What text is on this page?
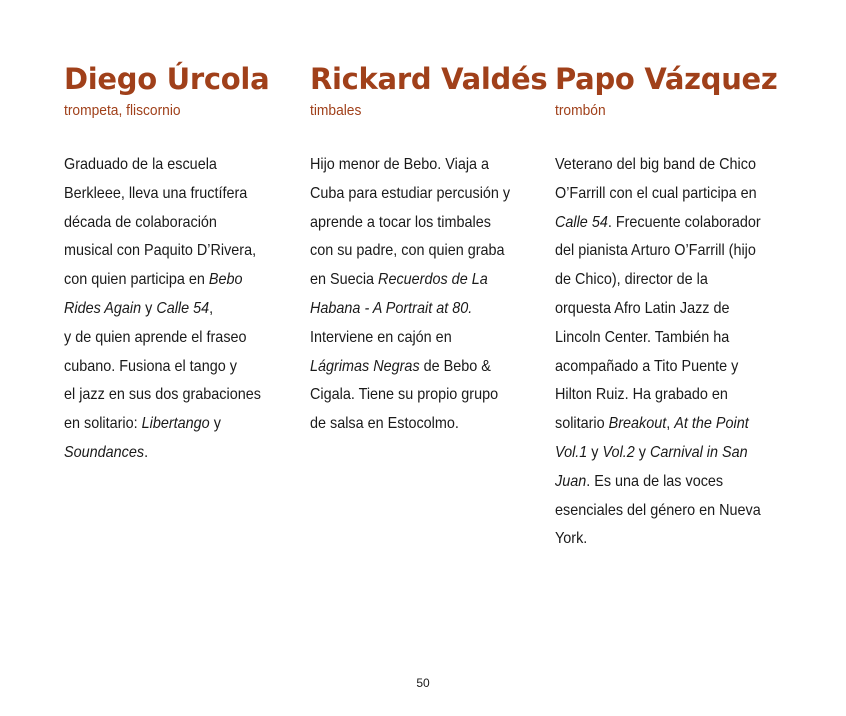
Diego Úrcola

trompeta, fliscornio

Graduado de la escuela
Berkleee, lleva una fructífera
década de colaboración
musical con Paquito D’Rivera,
con quien participa en Bebo
Rides Again y Calle 54,
y de quien aprende el fraseo
cubano. Fusiona el tango y
el jazz en sus dos grabaciones
en solitario: Libertango y
Soundances.
Rickard Valdés

timbales

Hijo menor de Bebo. Viaja a
Cuba para estudiar percusión y
aprende a tocar los timbales
con su padre, con quien graba
en Suecia Recuerdos de La
Habana - A Portrait at 80.
Interviene en cajón en
Lágrimas Negras de Bebo &
Cigala. Tiene su propio grupo
de salsa en Estocolmo.
Papo Vázquez

trombón

Veterano del big band de Chico
O’Farrill con el cual participa en
Calle 54. Frecuente colaborador
del pianista Arturo O’Farrill (hijo
de Chico), director de la
orquesta Afro Latin Jazz de
Lincoln Center. También ha
acompañado a Tito Puente y
Hilton Ruiz. Ha grabado en
solitario Breakout, At the Point
Vol.1 y Vol.2 y Carnival in San
Juan. Es una de las voces
esenciales del género en Nueva
York.
50
